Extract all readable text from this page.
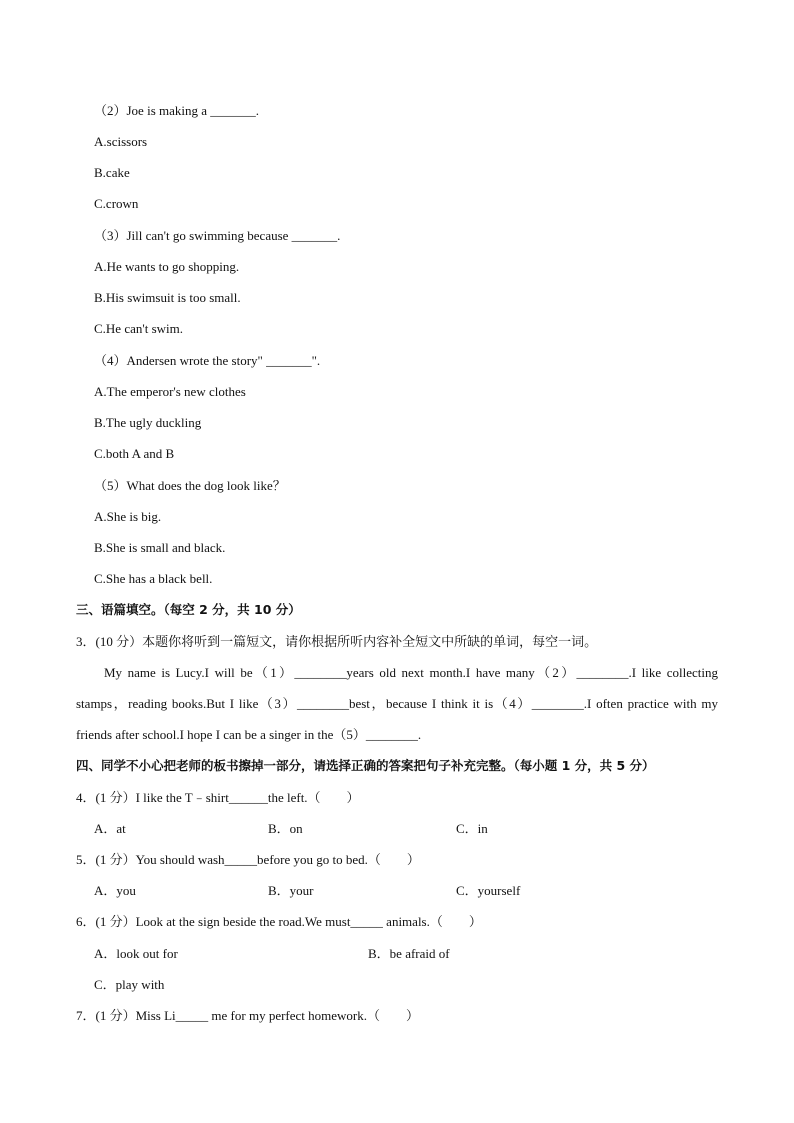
（2）Joe is making a _______.
A.scissors
B.cake
C.crown
（3）Jill can't go swimming because _______.
A.He wants to go shopping.
B.His swimsuit is too small.
C.He can't swim.
（4）Andersen wrote the story" _______".
A.The emperor's new clothes
B.The ugly duckling
C.both A and B
（5）What does the dog look like？
A.She is big.
B.She is small and black.
C.She has a black bell.
三、语篇填空。（每空 2 分，共 10 分）
3．(10 分）本题你将听到一篇短文，请你根据所听内容补全短文中所缺的单词，每空一词。
My name is Lucy.I will be（1）________years old next month.I have many（2）________.I like collecting
stamps，reading books.But I like（3）________best，because I think it is（4）________.I often practice with my
friends after school.I hope I can be a singer in the（5）________.
四、同学不小心把老师的板书擦掉一部分，请选择正确的答案把句子补充完整。（每小题 1 分，共 5 分）
4．(1 分）I like the T﹣shirt______the left.（　　）
A．at	B．on	C．in
5．(1 分）You should wash_____before you go to bed.（　　）
A．you	B．your	C．yourself
6．(1 分）Look at the sign beside the road.We must_____ animals.（　　）
A．look out for	B．be afraid of
C．play with
7．(1 分）Miss Li_____ me for my perfect homework.（　　）
